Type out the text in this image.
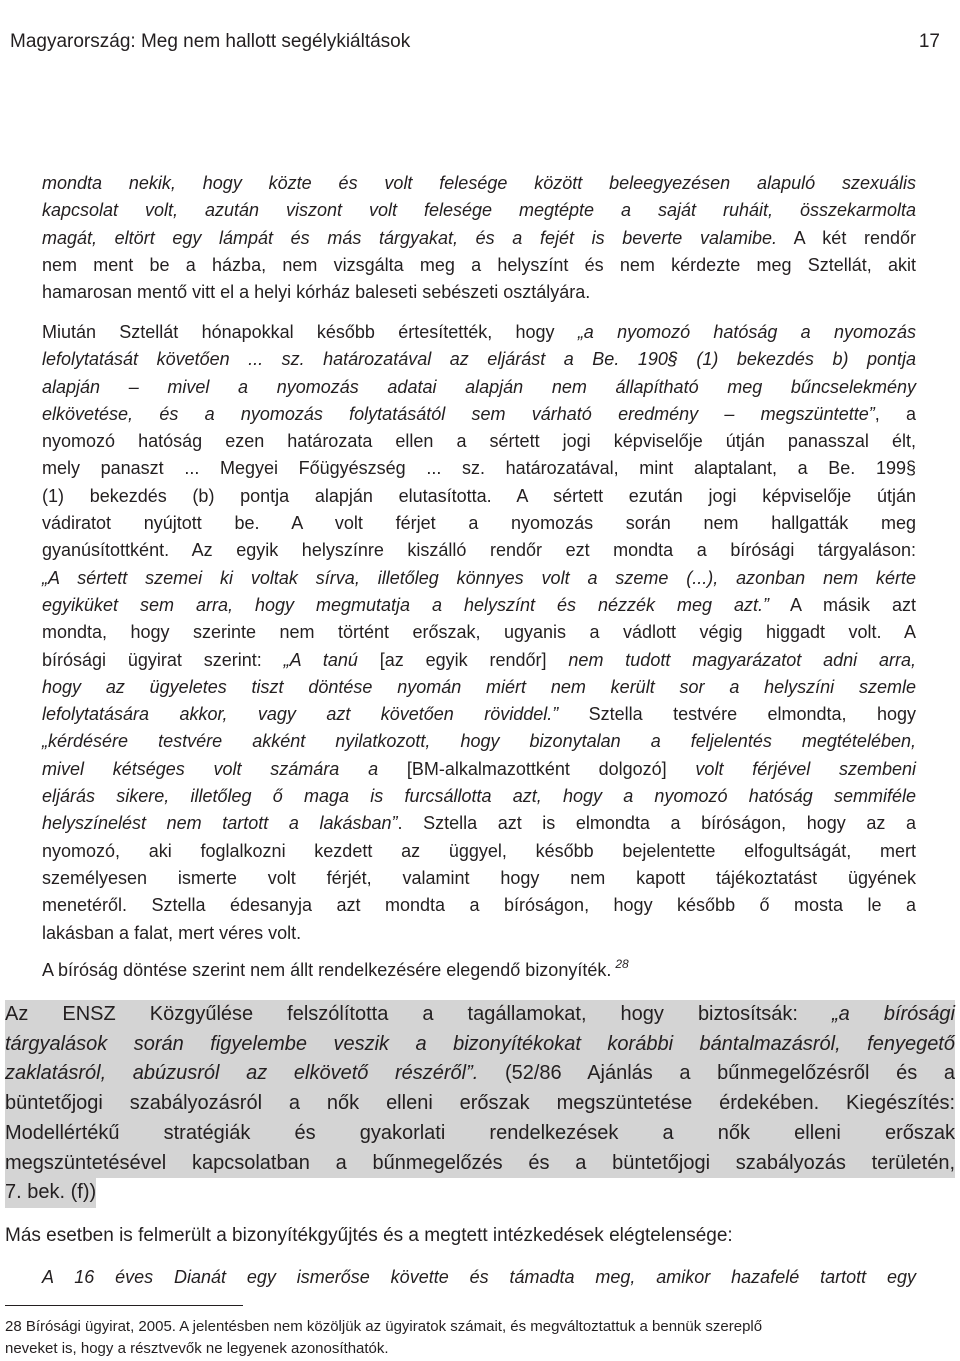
Magyarország: Meg nem hallott segélykiáltások	17
mondta nekik, hogy közte és volt felesége között beleegyezésen alapuló szexuális
kapcsolat volt, azután viszont volt felesége megtépte a saját ruháit, összekarmolta
magát, eltört egy lámpát és más tárgyakat, és a fejét is beverte valamibe. A két rendőr
nem ment be a házba, nem vizsgálta meg a helyszínt és nem kérdezte meg Sztellát, akit
hamarosan mentő vitt el a helyi kórház baleseti sebészeti osztályára.
Miután Sztellát hónapokkal később értesítették, hogy „a nyomozó hatóság a nyomozás
lefolytatását követően ... sz. határozatával az eljárást a Be. 190§ (1) bekezdés b) pontja
alapján – mivel a nyomozás adatai alapján nem állapítható meg bűncselekmény
elkövetése, és a nyomozás folytatásától sem várható eredmény – megszüntette”, a
nyomozó hatóság ezen határozata ellen a sértett jogi képviselője útján panasszal élt,
mely panaszt ... Megyei Főügyészség ... sz. határozatával, mint alaptalant, a Be. 199§
(1) bekezdés (b) pontja alapján elutasította. A sértett ezután jogi képviselője útján
vádiratot nyújtott be. A volt férjet a nyomozás során nem hallgatták meg
gyanúsítottként. Az egyik helyszínre kiszálló rendőr ezt mondta a bírósági tárgyaláson:
„A sértett szemei ki voltak sírva, illetőleg könnyes volt a szeme (...), azonban nem kérte
egyiküket sem arra, hogy megmutatja a helyszínt és nézzék meg azt.” A másik azt
mondta, hogy szerinte nem történt erőszak, ugyanis a vádlott végig higgadt volt. A
bírósági ügyirat szerint: „A tanú [az egyik rendőr] nem tudott magyarázatot adni arra,
hogy az ügyeletes tiszt döntése nyomán miért nem került sor a helyszíni szemle
lefolytatására akkor, vagy azt követően röviddel.” Sztella testvére elmondta, hogy
„kérdésére testvére akként nyilatkozott, hogy bizonytalan a feljelentés megtételében,
mivel kétséges volt számára a [BM-alkalmazottként dolgozó] volt férjével szembeni
eljárás sikere, illetőleg ő maga is furcsállotta azt, hogy a nyomozó hatóság semmiféle
helyszínelést nem tartott a lakásban”. Sztella azt is elmondta a bíróságon, hogy az a
nyomozó, aki foglalkozni kezdett az üggyel, később bejelentette elfogultságát, mert
személyesen ismerte volt férjét, valamint hogy nem kapott tájékoztatást ügyének
menetéről. Sztella édesanyja azt mondta a bíróságon, hogy később ő mosta le a
lakásban a falat, mert véres volt.
A bíróság döntése szerint nem állt rendelkezésére elegendő bizonyíték. $^{28}$
Az ENSZ Közgyűlése felszólította a tagállamokat, hogy biztosítsák: „a bírósági
tárgyalások során figyelembe veszik a bizonyítékokat korábbi bántalmazásról, fenyegető
zaklatásról, abúzusról az elkövető részéről”. (52/86 Ajánlás a bűnmegelőzésről és a
büntetőjogi szabályozásról a nők elleni erőszak megszüntetése érdekében. Kiegészítés:
Modellértékű stratégiák és gyakorlati rendelkezések a nők elleni erőszak
megszüntetésével kapcsolatban a bűnmegelőzés és a büntetőjogi szabályozás területén,
7. bek. (f))
Más esetben is felmerült a bizonyítékgyűjtés és a megtett intézkedések elégtelensége:
A 16 éves Dianát egy ismerőse követte és támadta meg, amikor hazafelé tartott egy
28 Bírósági ügyirat, 2005. A jelentésben nem közöljük az ügyiratok számait, és megváltoztattuk a bennük szereplő
neveket is, hogy a résztvevők ne legyenek azonosíthatók.
